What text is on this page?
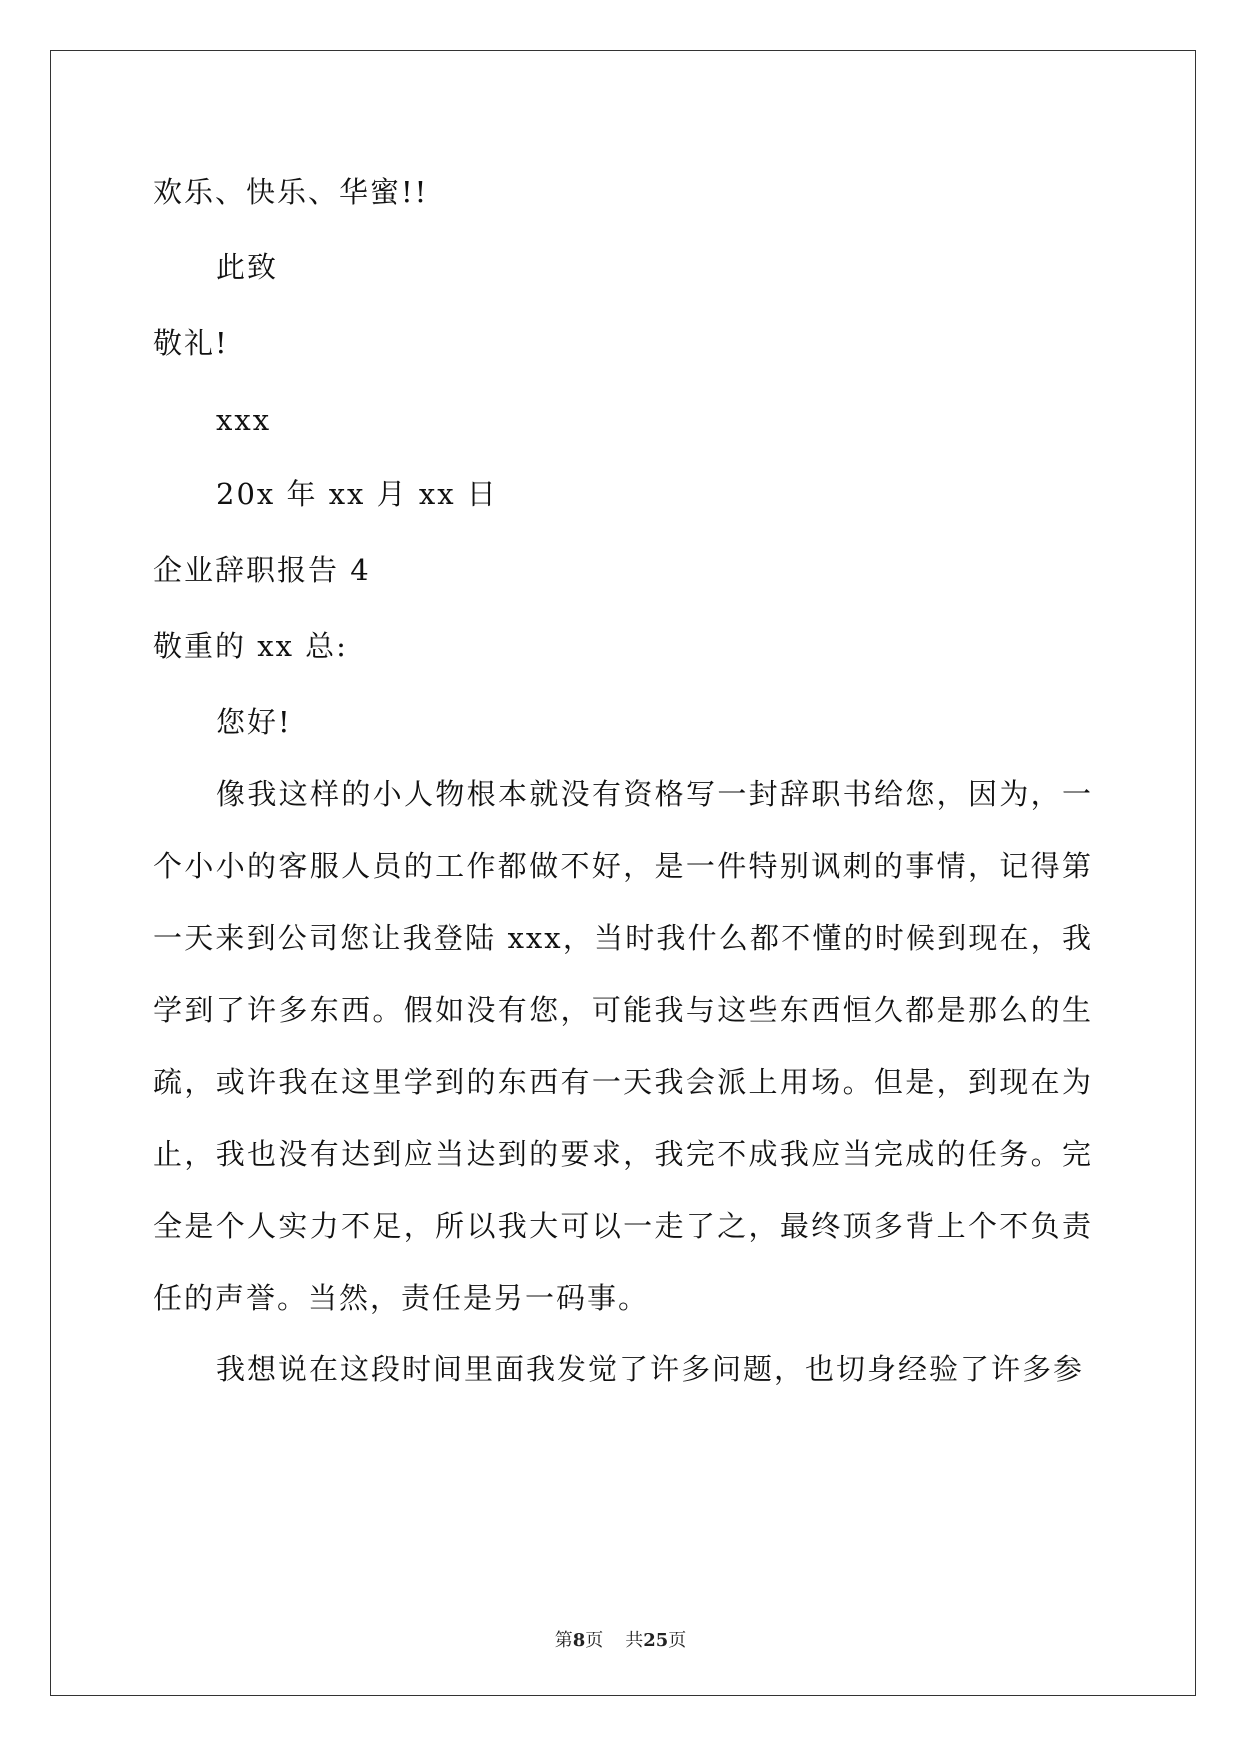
欢乐、快乐、华蜜!!
此致
敬礼!
xxx
20x 年 xx 月 xx 日
企业辞职报告 4
敬重的 xx 总:
您好!
像我这样的小人物根本就没有资格写一封辞职书给您，因为，一个小小的客服人员的工作都做不好，是一件特别讽刺的事情，记得第一天来到公司您让我登陆 xxx，当时我什么都不懂的时候到现在，我学到了许多东西。假如没有您，可能我与这些东西恒久都是那么的生疏，或许我在这里学到的东西有一天我会派上用场。但是，到现在为止，我也没有达到应当达到的要求，我完不成我应当完成的任务。完全是个人实力不足，所以我大可以一走了之，最终顶多背上个不负责任的声誉。当然，责任是另一码事。
我想说在这段时间里面我发觉了许多问题，也切身经验了许多参
第8页 共25页
